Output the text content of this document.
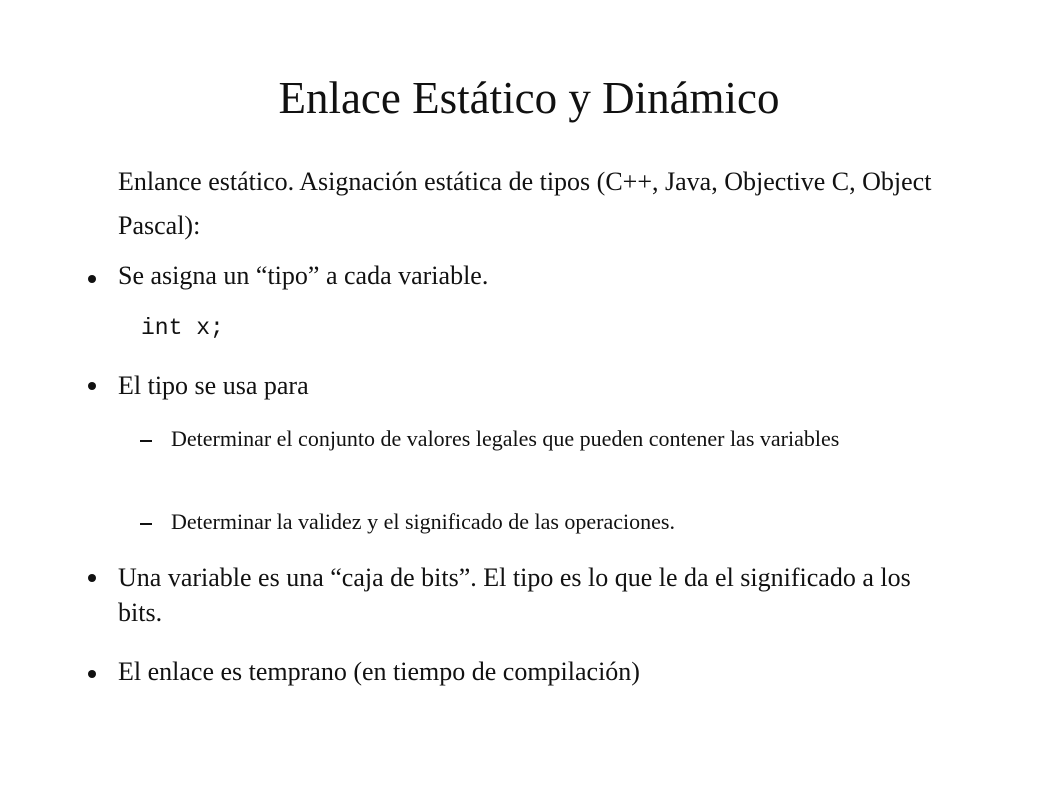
Enlace Estático y Dinámico

Enlance estático. Asignación estática de tipos (C++, Java, Objective C, Object Pascal):

Se asigna un “tipo” a cada variable.
int x;
El tipo se usa para
Determinar el conjunto de valores legales que pueden contener las variables
Determinar la validez y el significado de las operaciones.
Una variable es una “caja de bits”. El tipo es lo que le da el significado a los bits.
El enlace es temprano (en tiempo de compilación)
